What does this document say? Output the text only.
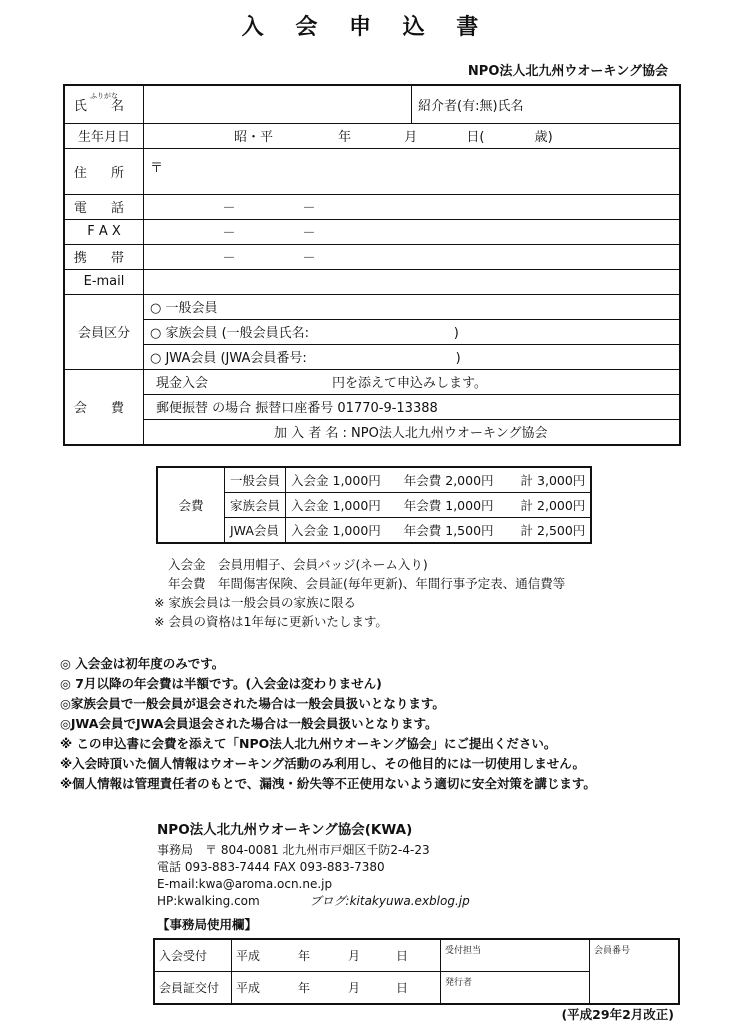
入 会 申 込 書
NPO法人北九州ウオーキング協会
ふりがな
氏 名		紹介者(有:無)氏名
生年月日	昭・平 年 月 日( 歳)	
住 所	〒	
電 話	－ －	
F A X	－ －	
携 帯	－ －	
E-mail		
会員区分	○ 一般会員	
	○ 家族会員 (一般会員氏名:                                   )	
	○ JWA会員 (JWA会員番号:                                    )	
会 費	現金入会                              円を添えて申込みします。	
	郵便振替 の場合 振替口座番号 01770-9-13388	
	加 入 者 名 : NPO法人北九州ウオーキング協会	
会費	一般会員	入会金 1,000円	年会費 2,000円	計 3,000円
	家族会員	入会金 1,000円	年会費 1,000円	計 2,000円
	JWA会員	入会金 1,000円	年会費 1,500円	計 2,500円
入会金　会員用帽子、会員バッジ(ネーム入り)
年会費　年間傷害保険、会員証(毎年更新)、年間行事予定表、通信費等
※ 家族会員は一般会員の家族に限る
※ 会員の資格は1年毎に更新いたします。
◎ 入会金は初年度のみです。
◎ 7月以降の年会費は半額です。(入会金は変わりません)
◎家族会員で一般会員が退会された場合は一般会員扱いとなります。
◎JWA会員でJWA会員退会された場合は一般会員扱いとなります。
※ この申込書に会費を添えて「NPO法人北九州ウオーキング協会」にご提出ください。
※入会時頂いた個人情報はウオーキング活動のみ利用し、その他目的には一切使用しません。
※個人情報は管理責任者のもとで、漏洩・紛失等不正使用ないよう適切に安全対策を講じます。
NPO法人北九州ウオーキング協会(KWA)
事務局　〒 804-0081 北九州市戸畑区千防2-4-23
電話 093-883-7444 FAX 093-883-7380
E-mail:kwa@aroma.ocn.ne.jp
HP:kwalking.com	ブログ:kitakyuwa.exblog.jp
【事務局使用欄】
入会受付	平成 年 月 日	受付担当	会員番号
会員証交付	平成 年 月 日	発行者	
(平成29年2月改正)
